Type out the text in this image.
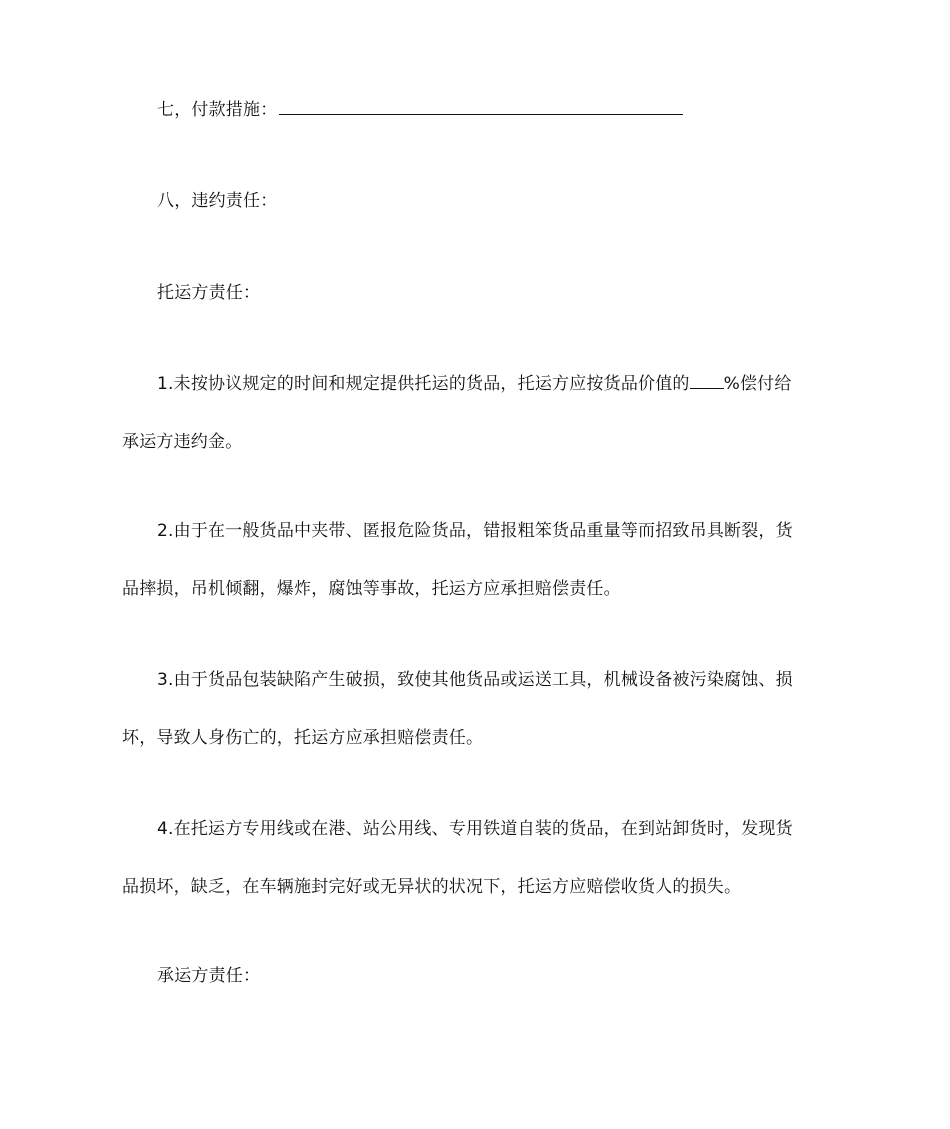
七，付款措施：
八，违约责任：
托运方责任：
1.未按协议规定的时间和规定提供托运的货品，托运方应按货品价值的 %偿付给
承运方违约金。
2.由于在一般货品中夹带、匿报危险货品，错报粗笨货品重量等而招致吊具断裂，货
品摔损，吊机倾翻，爆炸，腐蚀等事故，托运方应承担赔偿责任。
3.由于货品包装缺陷产生破损，致使其他货品或运送工具，机械设备被污染腐蚀、损
坏，导致人身伤亡的，托运方应承担赔偿责任。
4.在托运方专用线或在港、站公用线、专用铁道自装的货品，在到站卸货时，发现货
品损坏，缺乏，在车辆施封完好或无异状的状况下，托运方应赔偿收货人的损失。
承运方责任：
